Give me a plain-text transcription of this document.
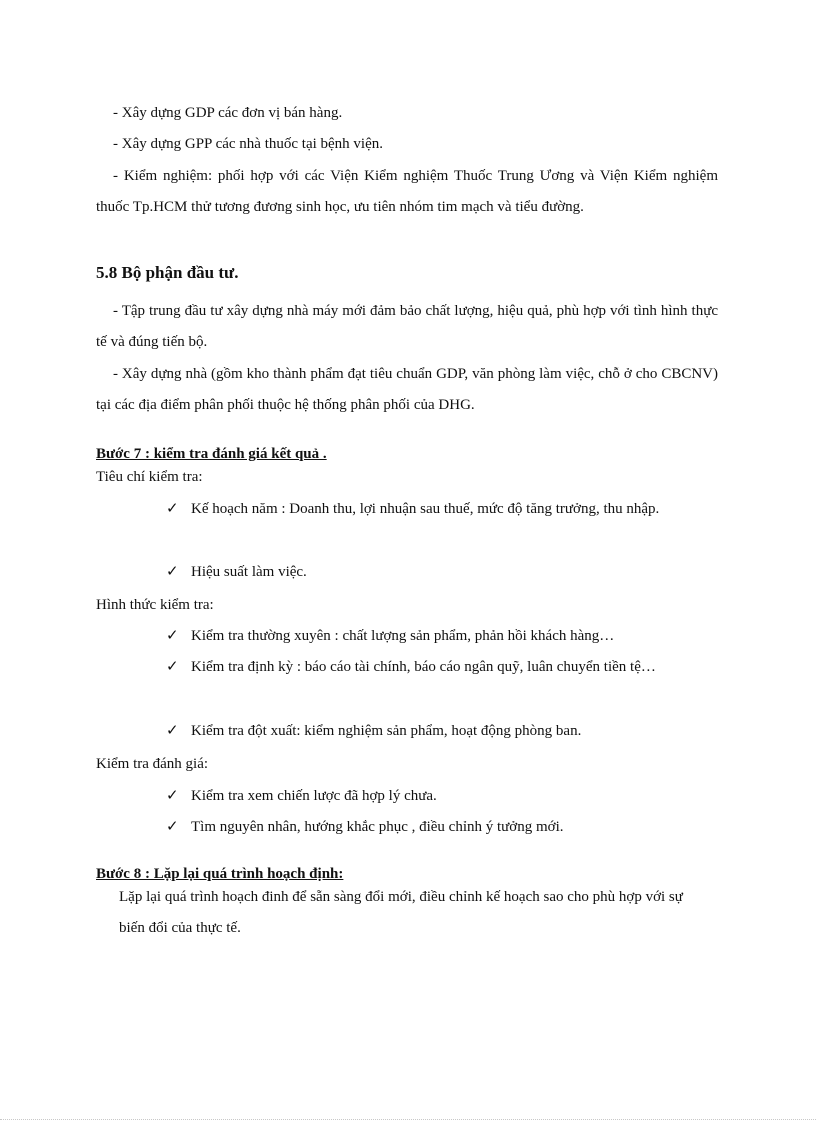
- Xây dựng GDP các đơn vị bán hàng.

- Xây dựng GPP các nhà thuốc tại bệnh viện.

- Kiểm nghiệm: phối hợp với các Viện Kiểm nghiệm Thuốc Trung Ương và Viện Kiểm nghiệm thuốc Tp.HCM thử tương đương sinh học, ưu tiên nhóm tim mạch và tiểu đường.

5.8 Bộ phận đầu tư.

- Tập trung đầu tư xây dựng nhà máy mới đảm bảo chất lượng, hiệu quả, phù hợp với tình hình thực tế và đúng tiến bộ.

- Xây dựng nhà (gồm kho thành phẩm đạt tiêu chuẩn GDP, văn phòng làm việc, chỗ ở cho CBCNV) tại các địa điểm phân phối thuộc hệ thống phân phối của DHG.

Bước 7 : kiểm tra đánh giá kết quả .

Tiêu chí kiểm tra:

✓ Kế hoạch năm : Doanh thu, lợi nhuận sau thuế, mức độ tăng trưởng, thu nhập.
✓ Hiệu suất làm việc.

Hình thức kiểm tra:

✓ Kiểm tra thường xuyên : chất lượng sản phẩm, phản hồi khách hàng…
✓ Kiểm tra định kỳ : báo cáo tài chính, báo cáo ngân quỹ, luân chuyển tiền tệ…
✓ Kiểm tra đột xuất: kiểm nghiệm sản phẩm, hoạt động phòng ban.

Kiểm tra đánh giá:

✓ Kiểm tra xem chiến lược đã hợp lý chưa.
✓ Tìm nguyên nhân, hướng khắc phục , điều chỉnh ý tưởng mới.
Bước 8 : Lặp lại quá trình hoạch định:

Lặp lại quá trình hoạch đinh để sẵn sàng đổi mới, điều chỉnh kế hoạch sao cho phù hợp với sự biến đổi của thực tế.
